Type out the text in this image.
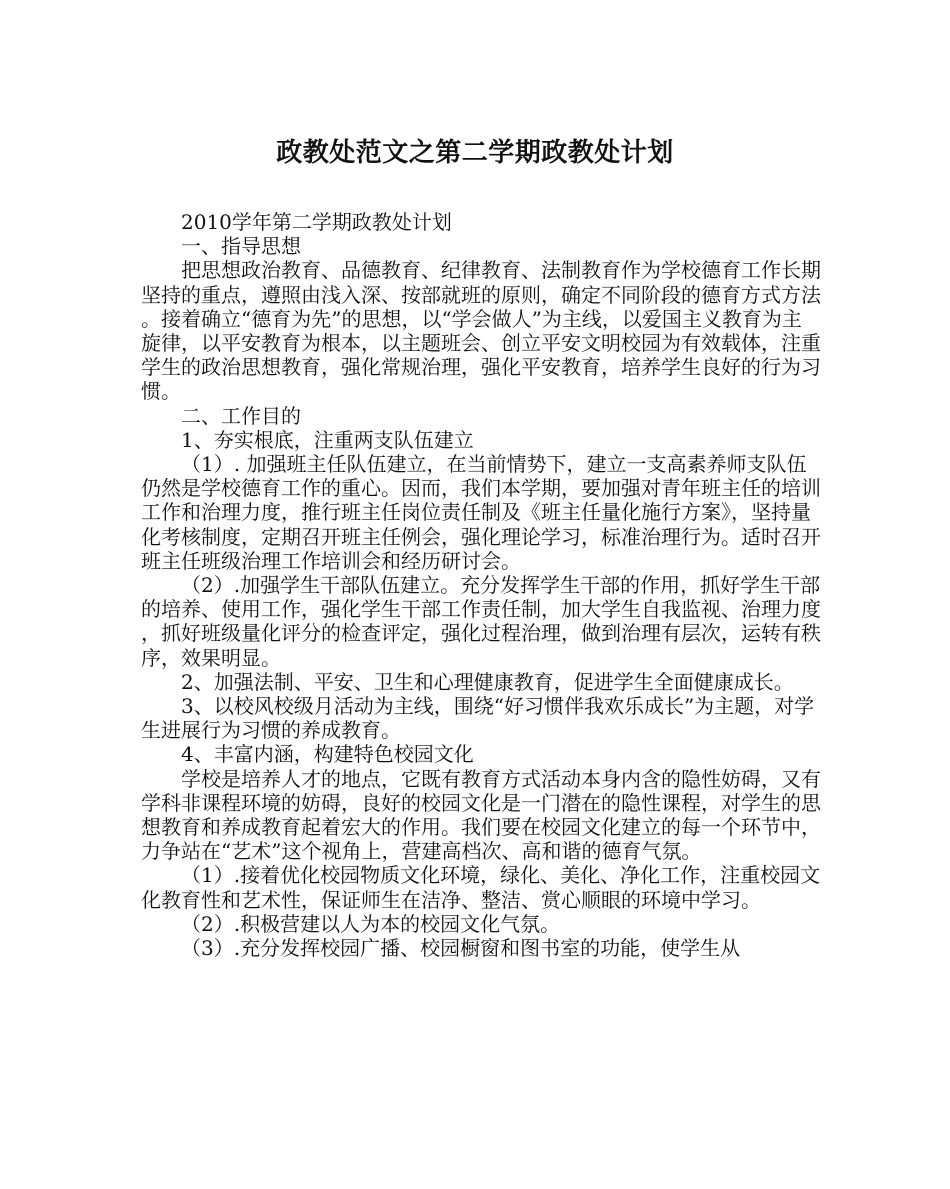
政教处范文之第二学期政教处计划

2010学年第二学期政教处计划

一、指导思想

把思想政治教育、品德教育、纪律教育、法制教育作为学校德育工作长期坚持的重点，遵照由浅入深、按部就班的原则，确定不同阶段的德育方式方法。接着确立“德育为先”的思想，以“学会做人”为主线，以爱国主义教育为主旋律，以平安教育为根本，以主题班会、创立平安文明校园为有效载体，注重学生的政治思想教育，强化常规治理，强化平安教育，培养学生良好的行为习惯。

二、工作目的

1、夯实根底，注重两支队伍建立

（1）. 加强班主任队伍建立，在当前情势下，建立一支高素养师支队伍仍然是学校德育工作的重心。因而，我们本学期，要加强对青年班主任的培训工作和治理力度，推行班主任岗位责任制及《班主任量化施行方案》，坚持量化考核制度，定期召开班主任例会，强化理论学习，标准治理行为。适时召开班主任班级治理工作培训会和经历研讨会。

（2）.加强学生干部队伍建立。充分发挥学生干部的作用，抓好学生干部的培养、使用工作，强化学生干部工作责任制，加大学生自我监视、治理力度，抓好班级量化评分的检查评定，强化过程治理，做到治理有层次，运转有秩序，效果明显。

2、加强法制、平安、卫生和心理健康教育，促进学生全面健康成长。

3、以校风校级月活动为主线，围绕“好习惯伴我欢乐成长”为主题，对学生进展行为习惯的养成教育。

4、丰富内涵，构建特色校园文化

学校是培养人才的地点，它既有教育方式活动本身内含的隐性妨碍，又有学科非课程环境的妨碍，良好的校园文化是一门潜在的隐性课程，对学生的思想教育和养成教育起着宏大的作用。我们要在校园文化建立的每一个环节中，力争站在“艺术”这个视角上，营建高档次、高和谐的德育气氛。

（1）.接着优化校园物质文化环境，绿化、美化、净化工作，注重校园文化教育性和艺术性，保证师生在洁净、整洁、赏心顺眼的环境中学习。

（2）.积极营建以人为本的校园文化气氛。

（3）.充分发挥校园广播、校园橱窗和图书室的功能，使学生从
